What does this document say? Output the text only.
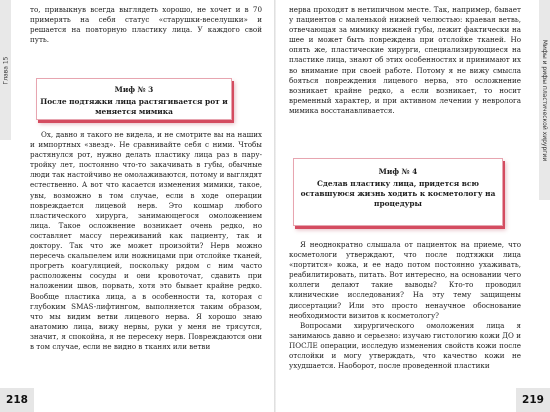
Глава 15

то, привыкнув всегда выглядеть хорошо, не хочет и в 70 примерять на себя статус «старушки-веселушки» и решается на повторную пластику лица. У каждого свой путь.

Миф № 3
После подтяжки лица растягивается рот и меняется мимика

Ох, давно я такого не видела, и не смотрите вы на наших и импортных «звезд». Не сравнивайте себя с ними. Чтобы растянулся рот, нужно делать пластику лица раз в пару-тройку лет, постоянно что-то закачивать в губы, обычные люди так настойчиво не омолаживаются, потому и выглядят естественно. А вот что касается изменения мимики, такое, увы, возможно в том случае, если в ходе операции повреждается лицевой нерв. Это кошмар любого пластического хирурга, занимающегося омоложением лица. Такое осложнение возникает очень редко, но составляет массу переживаний как пациенту, так и доктору. Так что же может произойти? Нерв можно пересечь скальпелем или ножницами при отслойке тканей, прогреть коагуляцией, поскольку рядом с ним часто расположены сосуды и они кровоточат, сдавить при наложении швов, порвать, хотя это бывает крайне редко. Вообще пластика лица, а в особенности та, которая с глубоким SMAS-лифтингом, выполняется таким образом, что мы видим ветви лицевого нерва. Я хорошо знаю анатомию лица, вижу нервы, руки у меня не трясутся, значит, я спокойна, я не пересеку нерв. Повреждаются они в том случае, если не видно в тканях или ветви

218
Мифы и рифы пластической хирургии

нерва проходят в нетипичном месте. Так, например, бывает у пациентов с маленькой нижней челюстью: краевая ветвь, отвечающая за мимику нижней губы, лежит фактически на шее и может быть повреждена при отслойке тканей. Но опять же, пластические хирурги, специализирующиеся на пластике лица, знают об этих особенностях и принимают их во внимание при своей работе. Потому я не вижу смысла бояться повреждения лицевого нерва, это осложнение возникает крайне редко, а если возникает, то носит временный характер, и при активном лечении у невролога мимика восстанавливается.

Миф № 4
Сделав пластику лица, придется всю оставшуюся жизнь ходить к косметологу на процедуры

Я неоднократно слышала от пациенток на приеме, что косметологи утверждают, что после подтяжки лица «портится» кожа, и ее надо потом постоянно ухаживать, реабилитировать, питать. Вот интересно, на основании чего коллеги делают такие выводы? Кто-то проводил клинические исследования? На эту тему защищены диссертации? Или это просто ненаучное обоснование необходимости визитов к косметологу?

Вопросами хирургического омоложения лица я занимаюсь давно и серьезно: изучаю гистологию кожи ДО и ПОСЛЕ операции, исследую изменения свойств кожи после отслойки и могу утверждать, что качество кожи не ухудшается. Наоборот, после проведенной пластики

219
